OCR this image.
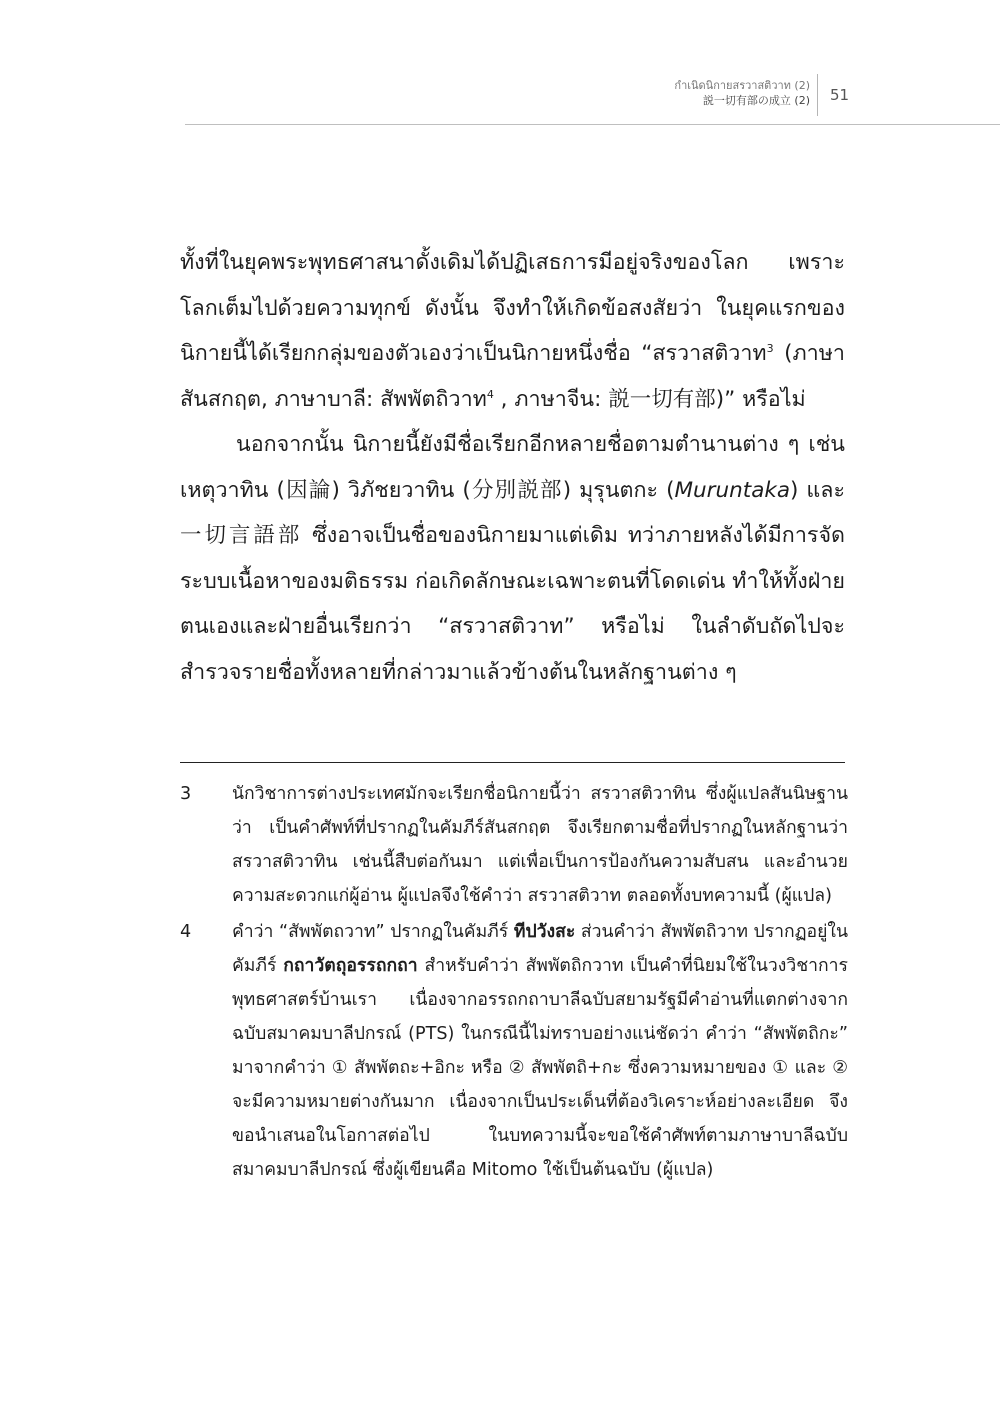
กำเนิดนิกายสรวาสติวาท (2)
説一切有部の成立 (2) 51

ทั้งที่ในยุคพระพุทธศาสนาดั้งเดิมได้ปฏิเสธการมีอยู่จริงของโลก เพราะโลกเต็มไปด้วยความทุกข์ ดังนั้น จึงทำให้เกิดข้อสงสัยว่า ในยุคแรกของนิกายนี้ได้เรียกกลุ่มของตัวเองว่าเป็นนิกายหนึ่งชื่อ “สรวาสติวาท$^3$ (ภาษาสันสกฤต, ภาษาบาลี: สัพพัตถิวาท$^4$ , ภาษาจีน: 説一切有部)” หรือไม่

นอกจากนั้น นิกายนี้ยังมีชื่อเรียกอีกหลายชื่อตามตำนานต่าง ๆ เช่น เหตุวาทิน (因論) วิภัชยวาทิน (分別説部) มุรุนตกะ (Muruntaka) และ 一切言語部 ซึ่งอาจเป็นชื่อของนิกายมาแต่เดิม ทว่าภายหลังได้มีการจัดระบบเนื้อหาของมติธรรม ก่อเกิดลักษณะเฉพาะตนที่โดดเด่น ทำให้ทั้งฝ่ายตนเองและฝ่ายอื่นเรียกว่า “สรวาสติวาท” หรือไม่ ในลำดับถัดไปจะสำรวจรายชื่อทั้งหลายที่กล่าวมาแล้วข้างต้นในหลักฐานต่าง ๆ

3	นักวิชาการต่างประเทศมักจะเรียกชื่อนิกายนี้ว่า สรวาสติวาทิน ซึ่งผู้แปลสันนิษฐานว่า เป็นคำศัพท์ที่ปรากฏในคัมภีร์สันสกฤต จึงเรียกตามชื่อที่ปรากฏในหลักฐานว่า สรวาสติวาทิน เช่นนี้สืบต่อกันมา แต่เพื่อเป็นการป้องกันความสับสน และอำนวยความสะดวกแก่ผู้อ่าน ผู้แปลจึงใช้คำว่า สรวาสติวาท ตลอดทั้งบทความนี้ (ผู้แปล)

4	คำว่า “สัพพัตถวาท” ปรากฏในคัมภีร์ ทีปวังสะ ส่วนคำว่า สัพพัตถิวาท ปรากฏอยู่ในคัมภีร์ กถาวัตถุอรรถกถา สำหรับคำว่า สัพพัตถิกวาท เป็นคำที่นิยมใช้ในวงวิชาการพุทธศาสตร์บ้านเรา เนื่องจากอรรถกถาบาลีฉบับสยามรัฐมีคำอ่านที่แตกต่างจากฉบับสมาคมบาลีปกรณ์ (PTS) ในกรณีนี้ไม่ทราบอย่างแน่ชัดว่า คำว่า “สัพพัตถิกะ” มาจากคำว่า ① สัพพัตถะ+อิกะ หรือ ② สัพพัตถิ+กะ ซึ่งความหมายของ ① และ ② จะมีความหมายต่างกันมาก เนื่องจากเป็นประเด็นที่ต้องวิเคราะห์อย่างละเอียด จึงขอนำเสนอในโอกาสต่อไป ในบทความนี้จะขอใช้คำศัพท์ตามภาษาบาลีฉบับสมาคมบาลีปกรณ์ ซึ่งผู้เขียนคือ Mitomo ใช้เป็นต้นฉบับ (ผู้แปล)
